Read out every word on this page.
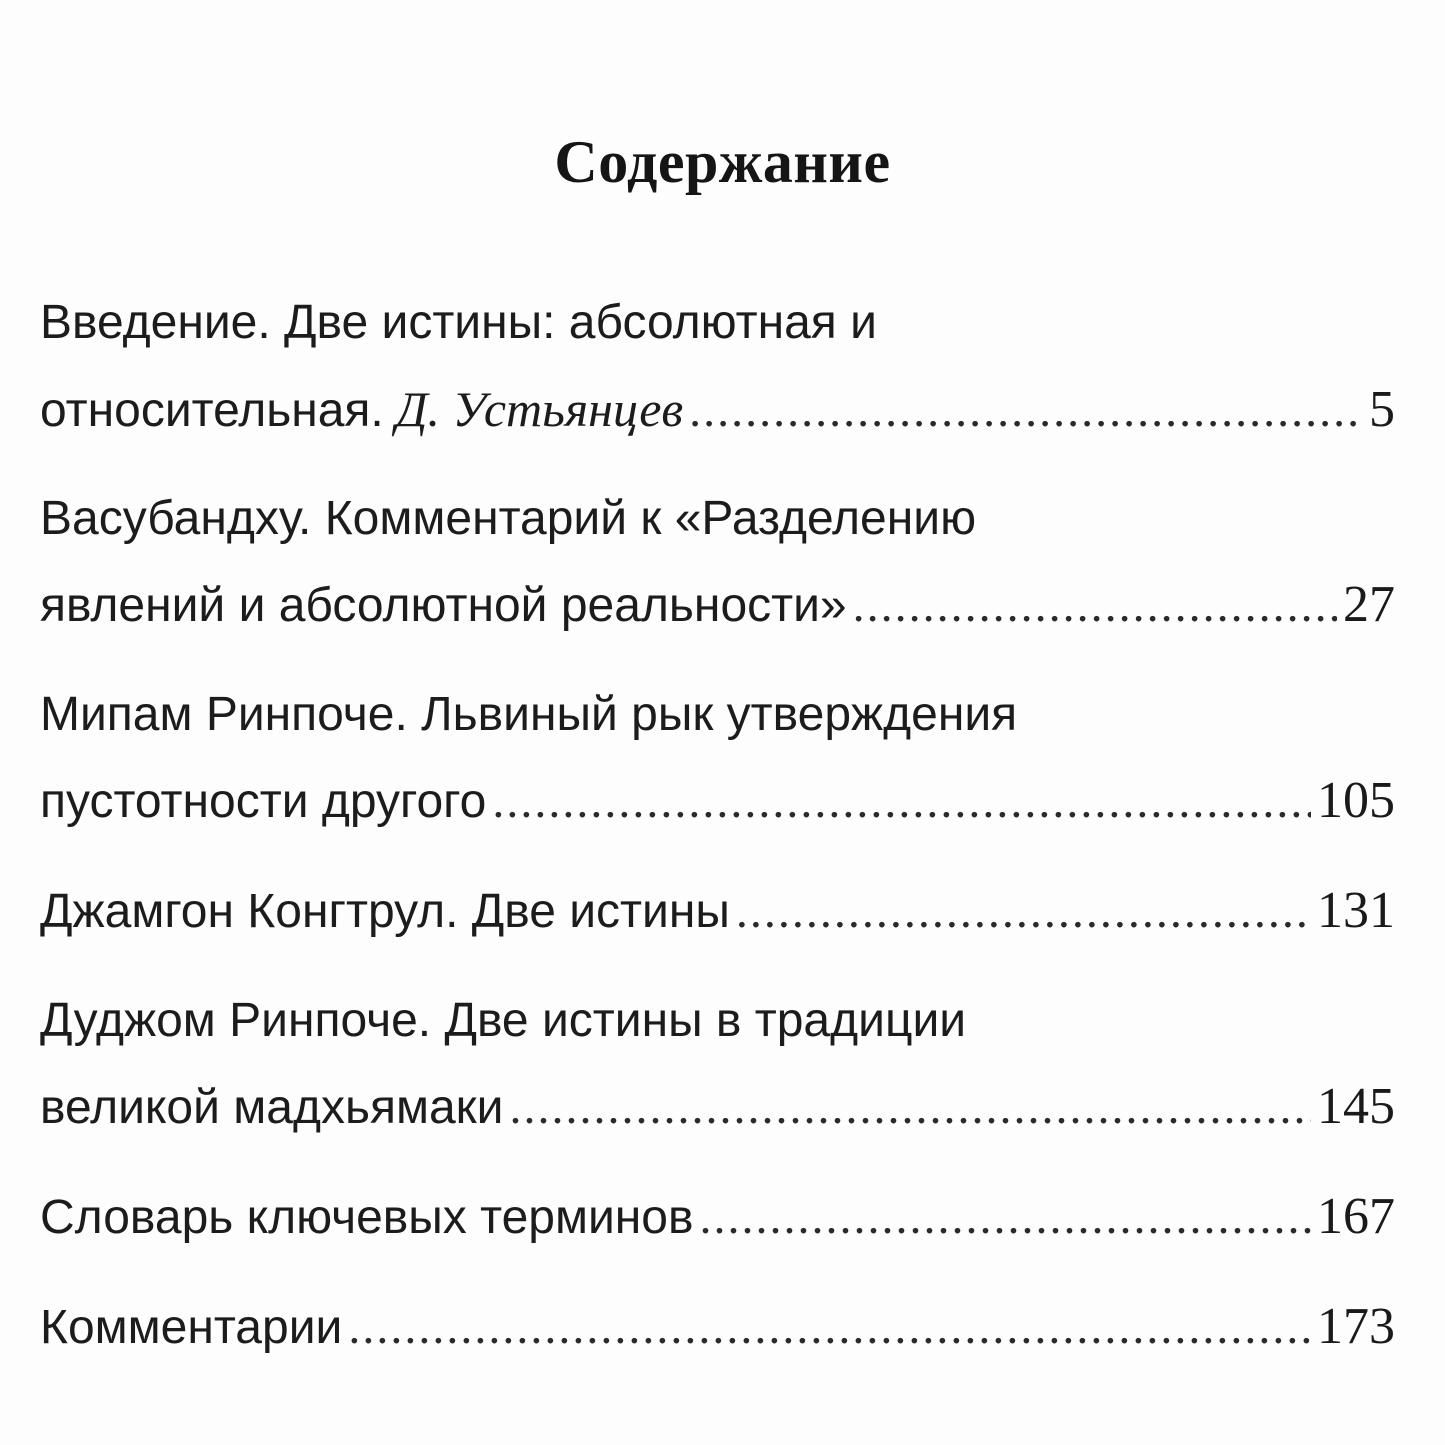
Содержание
Введение. Две истины: абсолютная и
относительная. Д. Устьянцев .....	5
Васубандху. Комментарий к «Разделению
явлений и абсолютной реальности» .....	27
Мипам Ринпоче. Львиный рык утверждения
пустотности другого .....	105
Джамгон Конгтрул. Две истины .....	131
Дуджом Ринпоче. Две истины в традиции
великой мадхьямаки .....	145
Словарь ключевых терминов .....	167
Комментарии .....	173
